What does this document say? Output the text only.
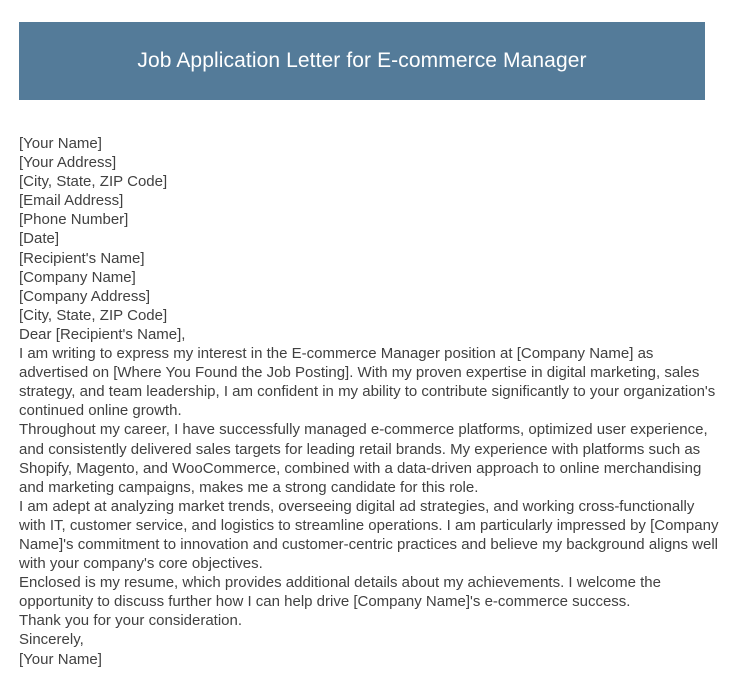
Job Application Letter for E-commerce Manager

[Your Name]

[Your Address]

[City, State, ZIP Code]

[Email Address]

[Phone Number]

[Date]

[Recipient's Name]

[Company Name]

[Company Address]

[City, State, ZIP Code]

Dear [Recipient's Name],

I am writing to express my interest in the E-commerce Manager position at [Company Name] as advertised on [Where You Found the Job Posting]. With my proven expertise in digital marketing, sales strategy, and team leadership, I am confident in my ability to contribute significantly to your organization's continued online growth.

Throughout my career, I have successfully managed e-commerce platforms, optimized user experience, and consistently delivered sales targets for leading retail brands. My experience with platforms such as Shopify, Magento, and WooCommerce, combined with a data-driven approach to online merchandising and marketing campaigns, makes me a strong candidate for this role.

I am adept at analyzing market trends, overseeing digital ad strategies, and working cross-functionally with IT, customer service, and logistics to streamline operations. I am particularly impressed by [Company Name]'s commitment to innovation and customer-centric practices and believe my background aligns well with your company's core objectives.

Enclosed is my resume, which provides additional details about my achievements. I welcome the opportunity to discuss further how I can help drive [Company Name]'s e-commerce success.

Thank you for your consideration.

Sincerely,

[Your Name]
